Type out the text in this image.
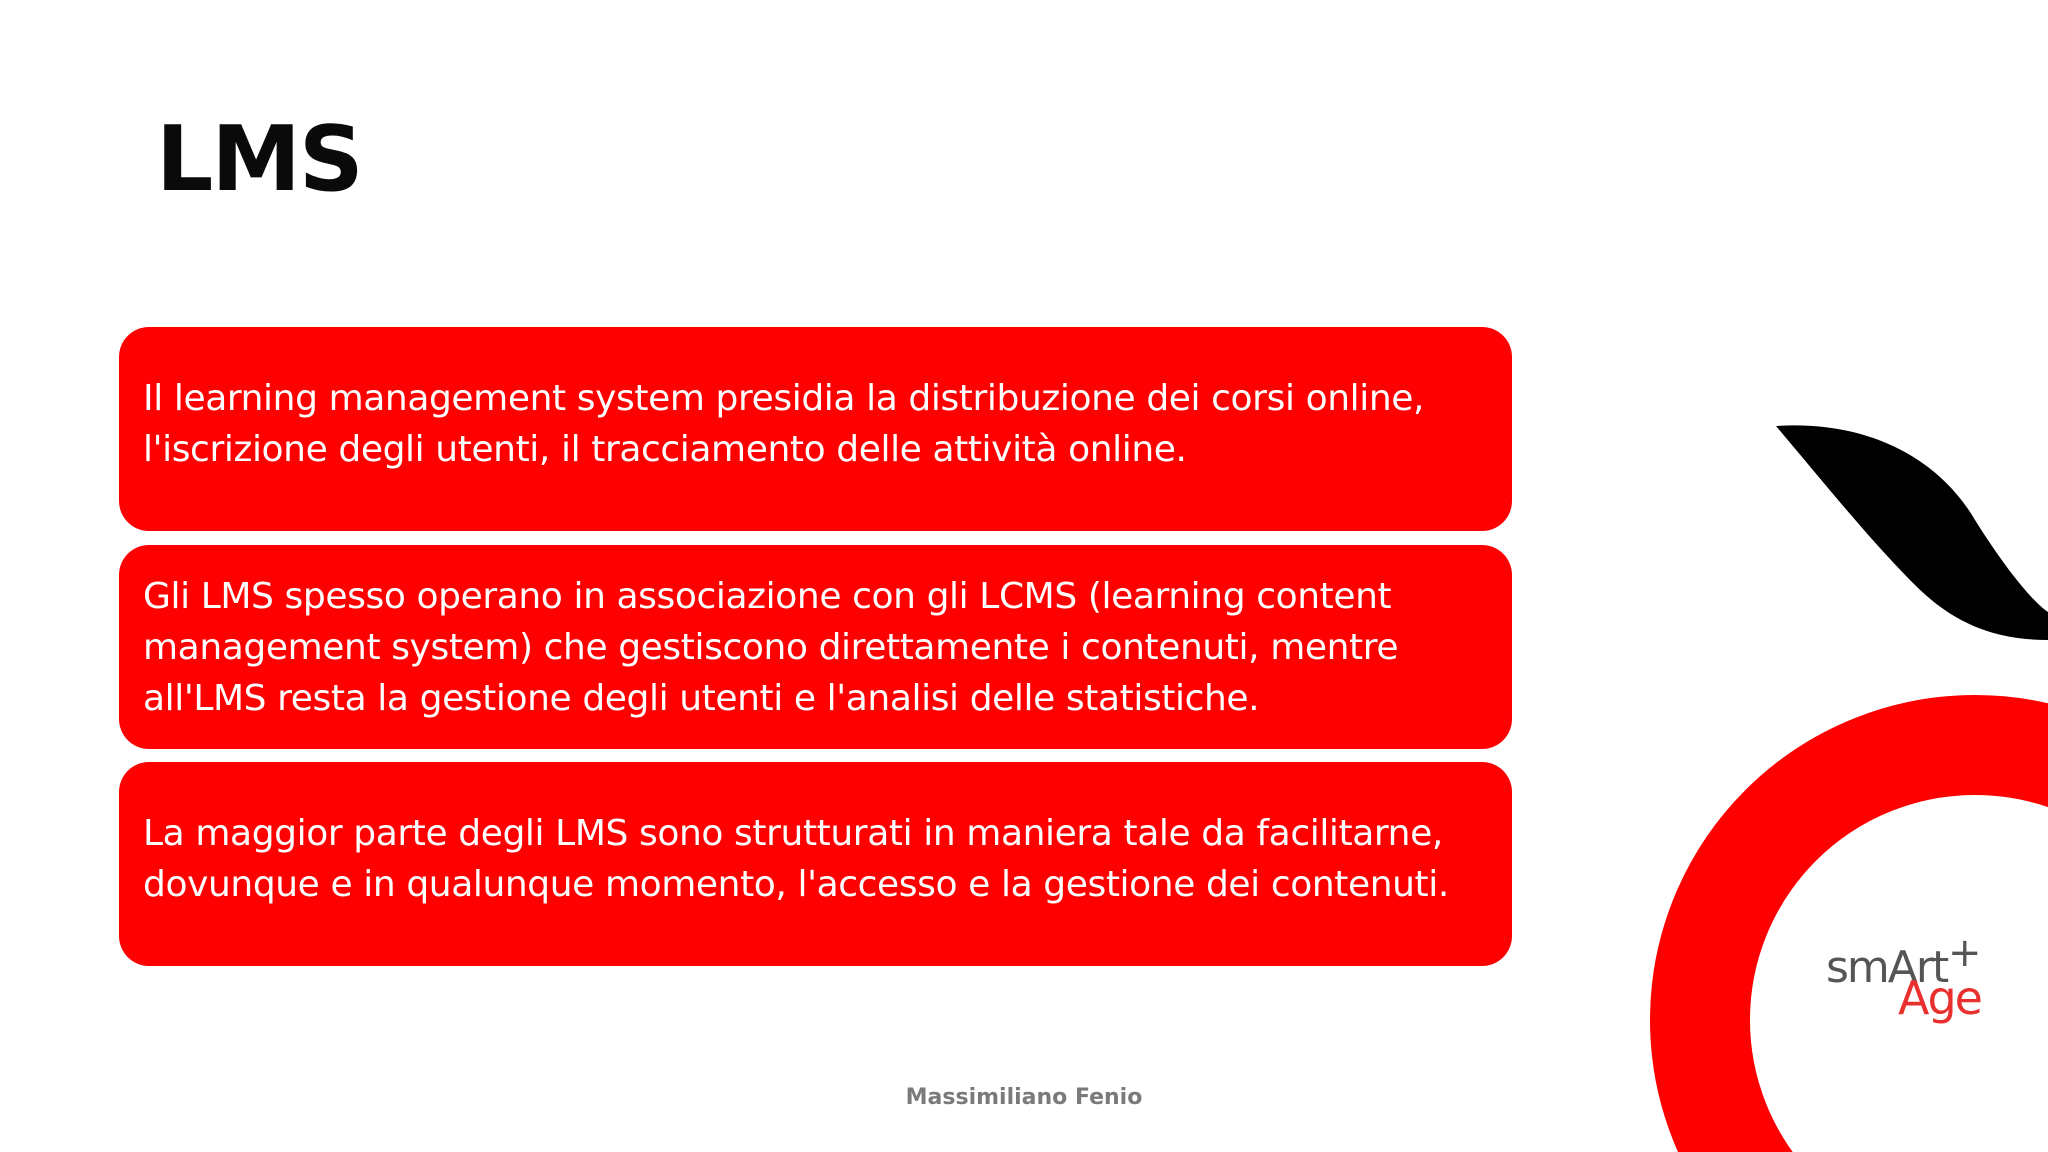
LMS

Il learning management system presidia la distribuzione dei corsi online, l'iscrizione degli utenti, il tracciamento delle attività online.

Gli LMS spesso operano in associazione con gli LCMS (learning content management system) che gestiscono direttamente i contenuti, mentre all'LMS resta la gestione degli utenti e l'analisi delle statistiche.

La maggior parte degli LMS sono strutturati in maniera tale da facilitarne, dovunque e in qualunque momento, l'accesso e la gestione dei contenuti.

smArt +
Age
Massimiliano Fenio
